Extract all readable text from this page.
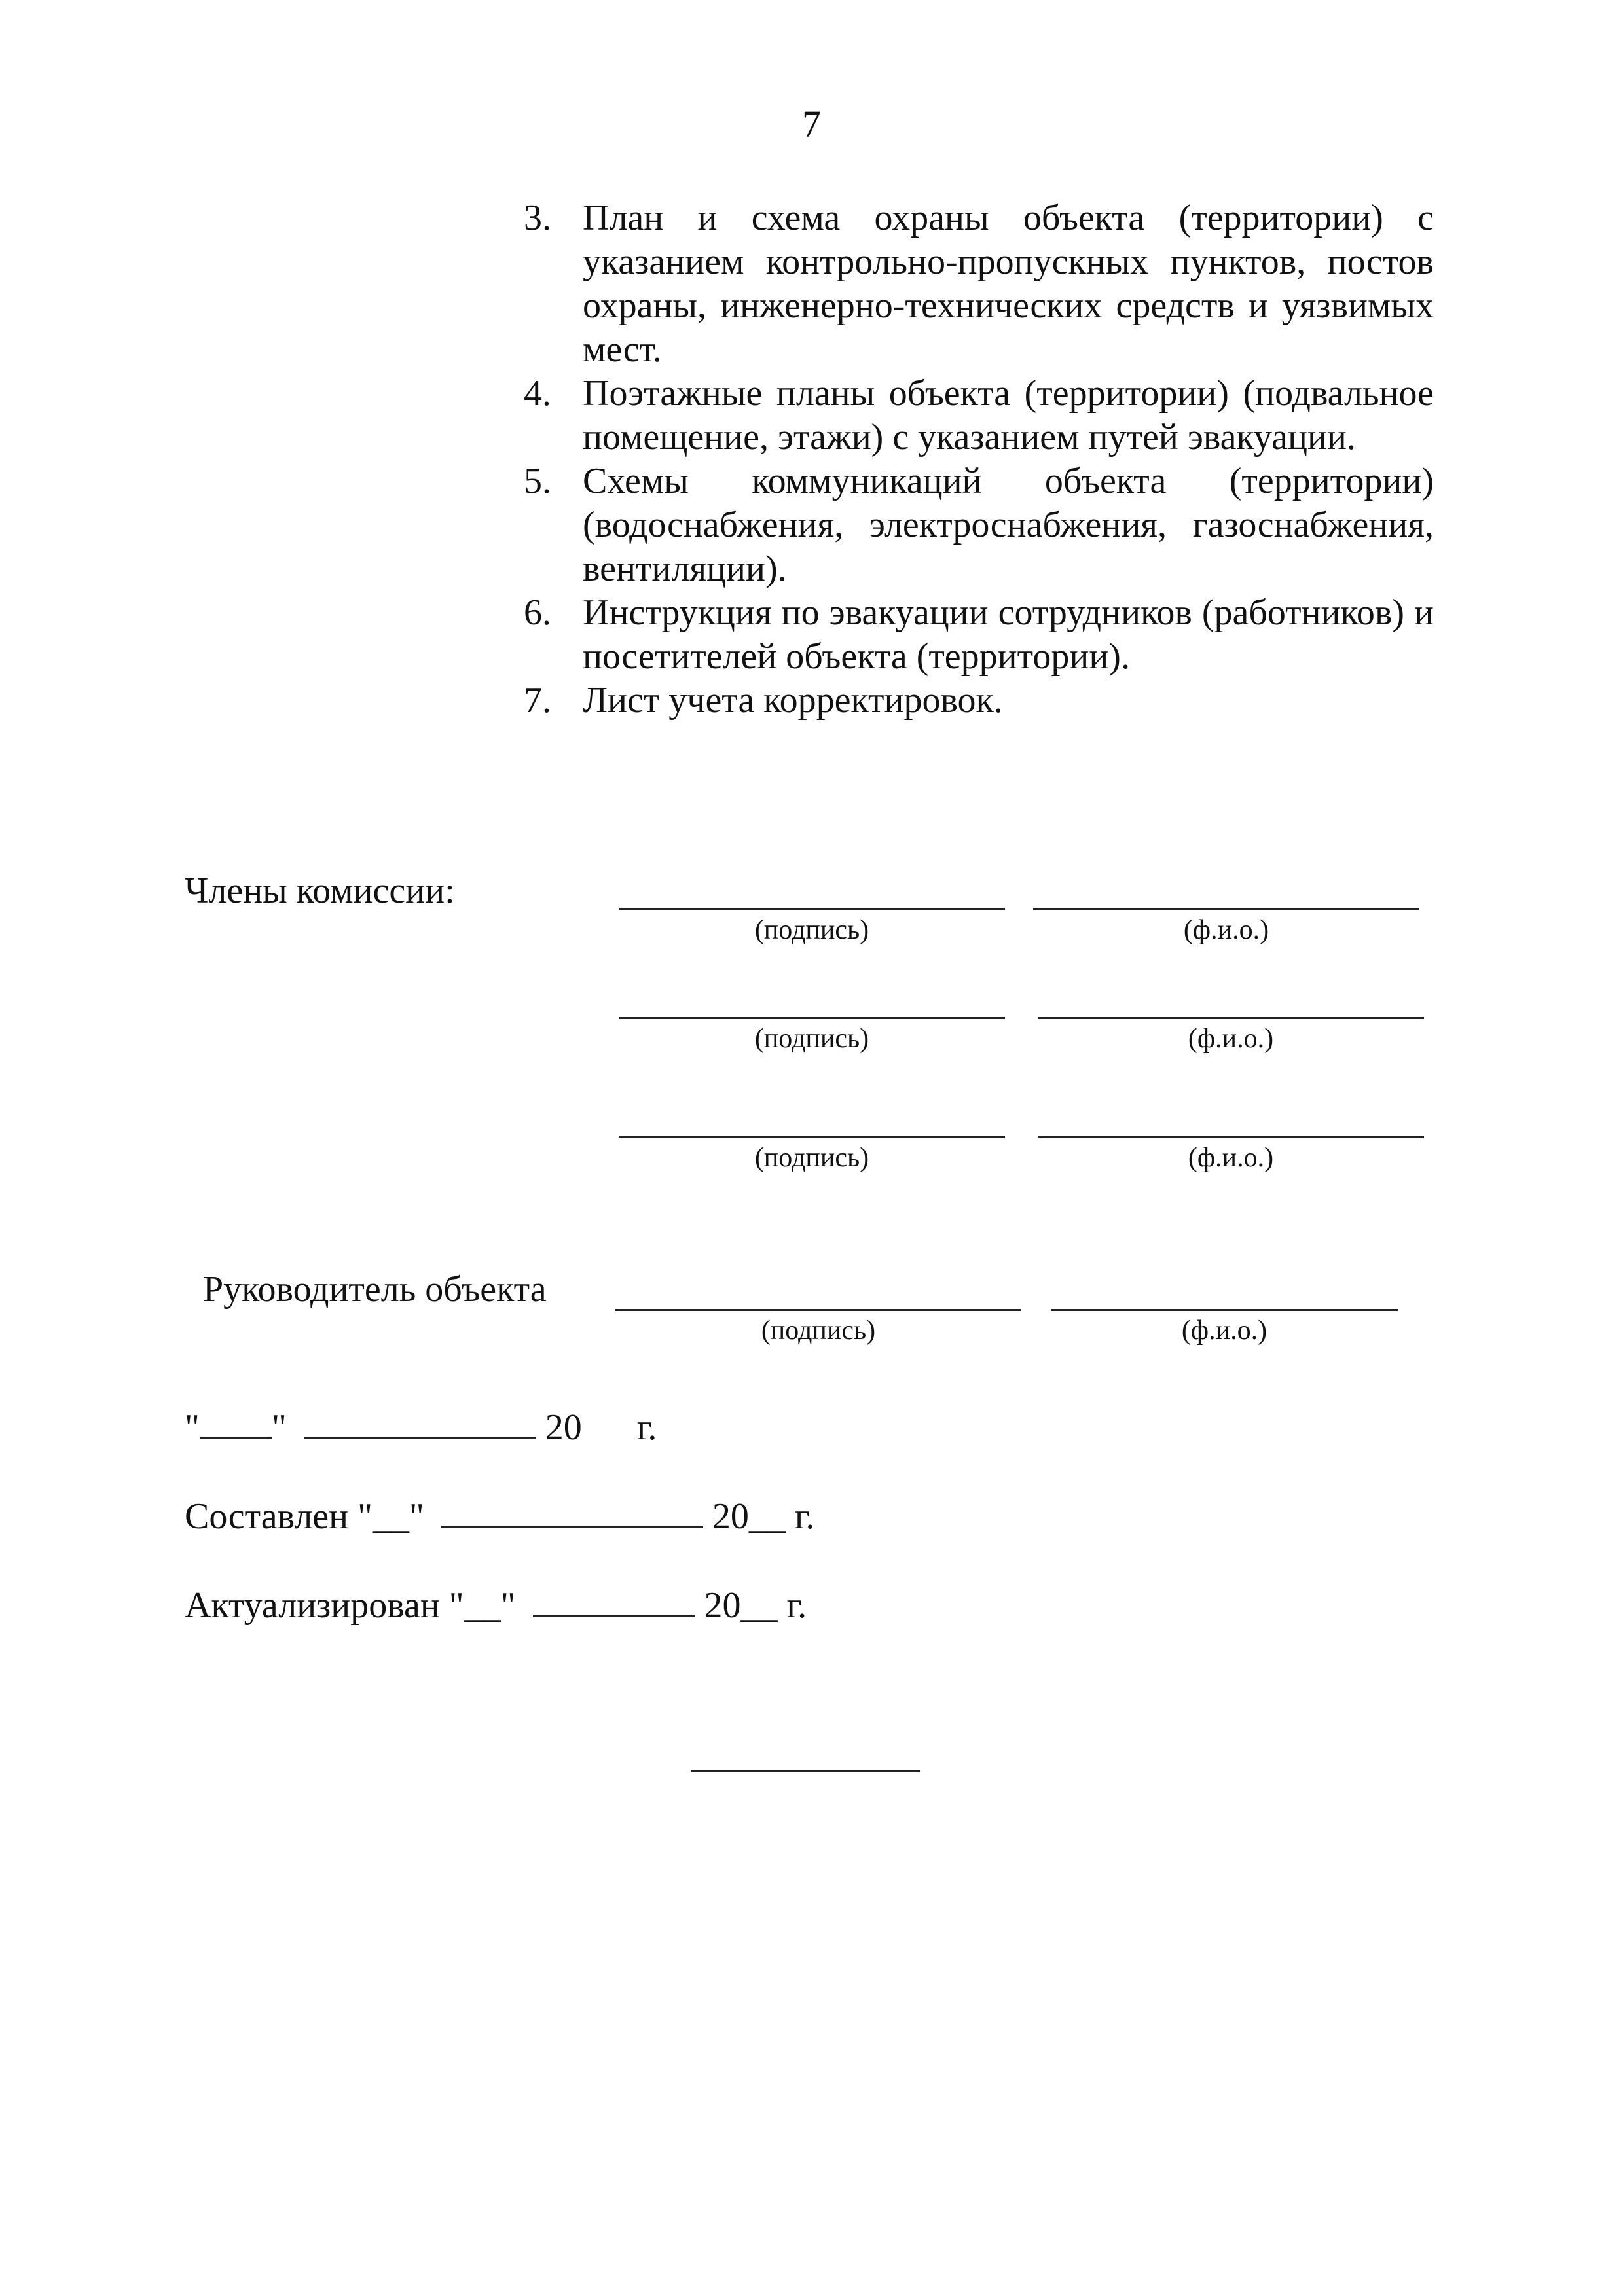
7
3. План и схема охраны объекта (территории) с указанием контрольно-пропускных пунктов, постов охраны, инженерно-технических средств и уязвимых мест.
4. Поэтажные планы объекта (территории) (подвальное помещение, этажи) с указанием путей эвакуации.
5. Схемы коммуникаций объекта (территории) (водоснабжения, электроснабжения, газоснабжения, вентиляции).
6. Инструкция по эвакуации сотрудников (работников) и посетителей объекта (территории).
7. Лист учета корректировок.
Члены комиссии:
(подпись)	(ф.и.о.)
(подпись)	(ф.и.о.)
(подпись)	(ф.и.о.)
Руководитель объекта
(подпись)	(ф.и.о.)
" "	20 г.
Составлен "__"	20__ г.
Актуализирован "__"	20__ г.
